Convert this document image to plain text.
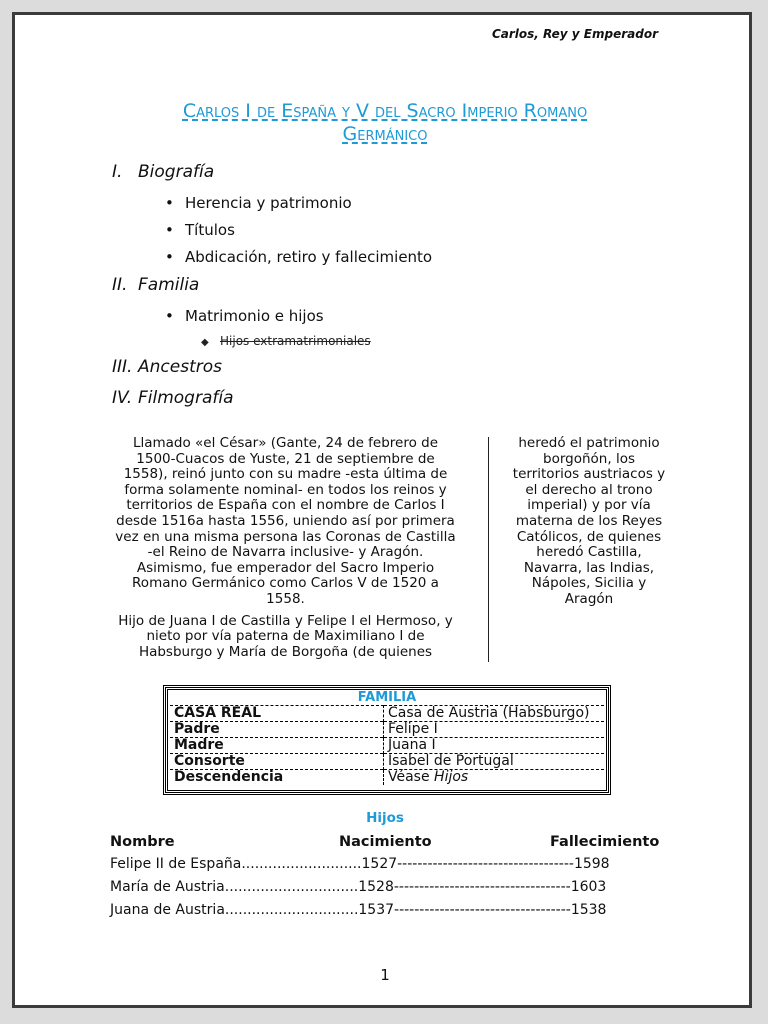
Carlos, Rey y Emperador
Carlos I de España y V del Sacro Imperio Romano
Germánico
I. Biografía
• Herencia y patrimonio
• Títulos
• Abdicación, retiro y fallecimiento
II. Familia
• Matrimonio e hijos
◆ Hijos extramatrimoniales
III. Ancestros
IV. Filmografía

Llamado «el César» (Gante, 24 de febrero de 1500-Cuacos de Yuste, 21 de septiembre de 1558), reinó junto con su madre -esta última de forma solamente nominal- en todos los reinos y territorios de España con el nombre de Carlos I desde 1516a hasta 1556, uniendo así por primera vez en una misma persona las Coronas de Castilla -el Reino de Navarra inclusive- y Aragón. Asimismo, fue emperador del Sacro Imperio Romano Germánico como Carlos V de 1520 a 1558.

Hijo de Juana I de Castilla y Felipe I el Hermoso, y nieto por vía paterna de Maximiliano I de Habsburgo y María de Borgoña (de quienes

heredó el patrimonio borgoñón, los territorios austriacos y el derecho al trono imperial) y por vía materna de los Reyes Católicos, de quienes heredó Castilla, Navarra, las Indias, Nápoles, Sicilia y Aragón
FAMILIA	
CASA REAL	Casa de Austria (Habsburgo)
Padre	Felipe I
Madre	Juana I
Consorte	Isabel de Portugal
Descendencia	Véase Hijos
Hijos
Nombre	Nacimiento	Fallecimiento
Felipe II de España...........................1527-----------------------------------1598
María de Austria..............................1528-----------------------------------1603
Juana de Austria..............................1537-----------------------------------1538
1
